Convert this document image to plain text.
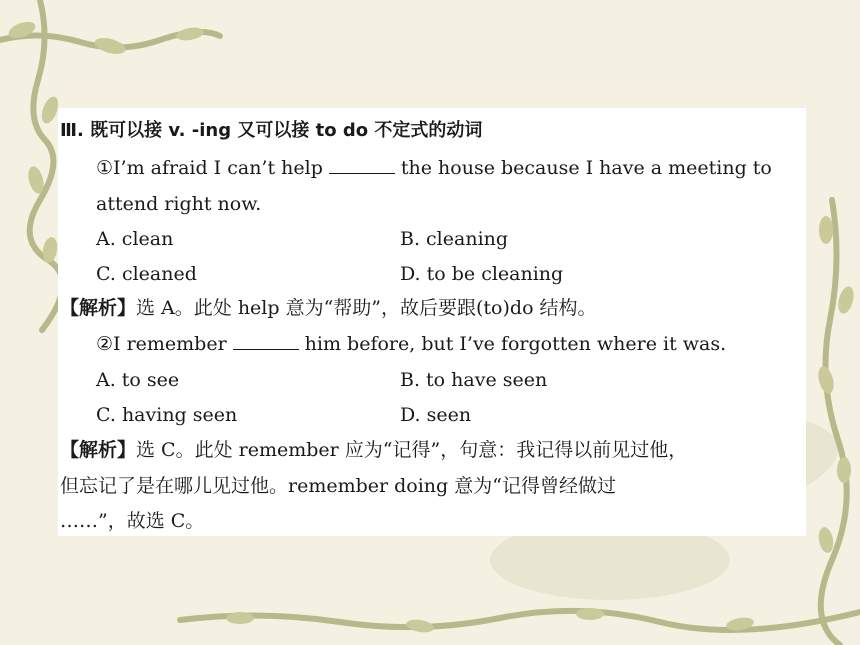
Ⅲ. 既可以接 v. -ing 又可以接 to do 不定式的动词
①I’m afraid I can’t help	the house because I have a meeting to
attend right now.
A. clean	B. cleaning
C. cleaned	D. to be cleaning
【解析】选 A。此处 help 意为“帮助”，故后要跟(to)do 结构。
②I remember	him before, but I’ve forgotten where it was.
A. to see	B. to have seen
C. having seen	D. seen
【解析】选 C。此处 remember 应为“记得”，句意：我记得以前见过他，
但忘记了是在哪儿见过他。remember doing 意为“记得曾经做过
……”，故选 C。
